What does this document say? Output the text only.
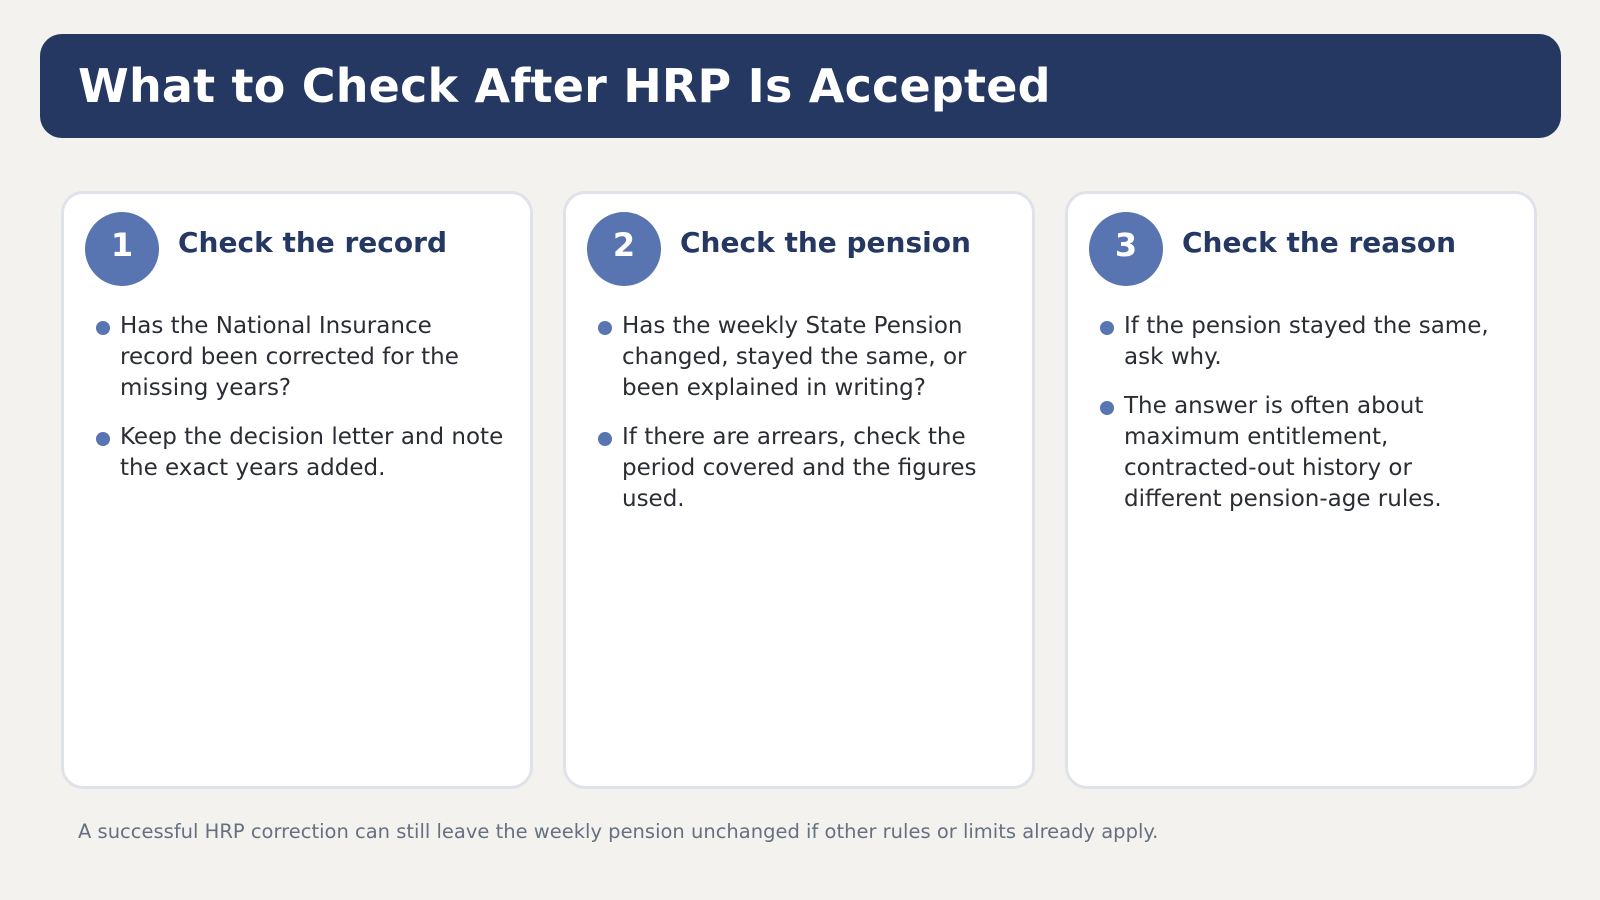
What to Check After HRP Is Accepted
1	Check the record
Has the National Insurance record been corrected for the missing years?
Keep the decision letter and note the exact years added.
2	Check the pension
Has the weekly State Pension changed, stayed the same, or been explained in writing?
If there are arrears, check the period covered and the figures used.
3	Check the reason
If the pension stayed the same, ask why.
The answer is often about maximum entitlement, contracted-out history or different pension-age rules.

A successful HRP correction can still leave the weekly pension unchanged if other rules or limits already apply.
